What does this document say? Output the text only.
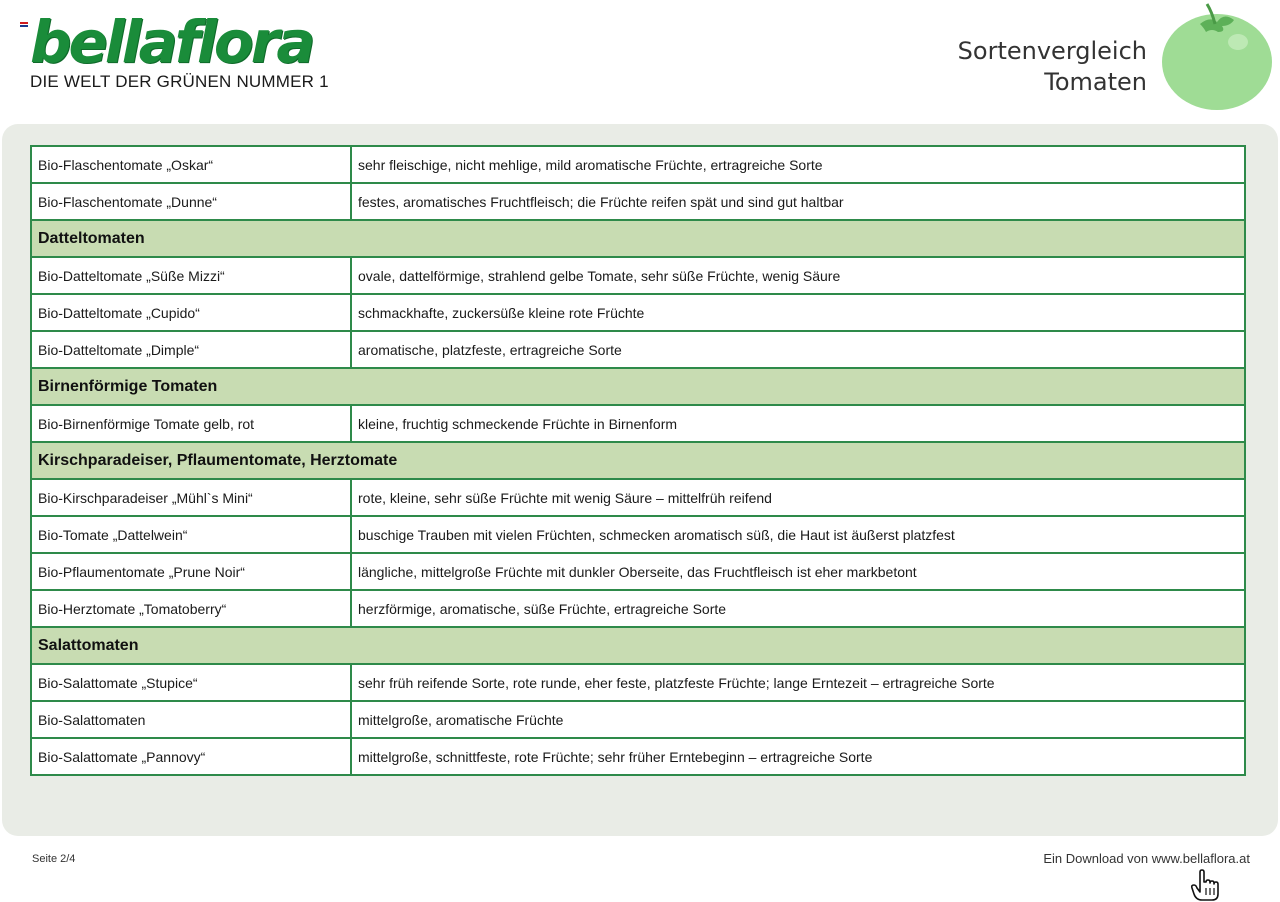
bellaflora
DIE WELT DER GRÜNEN NUMMER 1
Sortenvergleich
Tomaten
Bio-Flaschentomate „Oskar“	sehr fleischige, nicht mehlige, mild aromatische Früchte, ertragreiche Sorte
Bio-Flaschentomate „Dunne“	festes, aromatisches Fruchtfleisch; die Früchte reifen spät und sind gut haltbar
Datteltomaten	
Bio-Datteltomate „Süße Mizzi“	ovale, dattelförmige, strahlend gelbe Tomate, sehr süße Früchte, wenig Säure
Bio-Datteltomate „Cupido“	schmackhafte, zuckersüße kleine rote Früchte
Bio-Datteltomate „Dimple“	aromatische, platzfeste, ertragreiche Sorte
Birnenförmige Tomaten	
Bio-Birnenförmige Tomate gelb, rot	kleine, fruchtig schmeckende Früchte in Birnenform
Kirschparadeiser, Pflaumentomate, Herztomate	
Bio-Kirschparadeiser „Mühl`s Mini“	rote, kleine, sehr süße Früchte mit wenig Säure – mittelfrüh reifend
Bio-Tomate „Dattelwein“	buschige Trauben mit vielen Früchten, schmecken aromatisch süß, die Haut ist äußerst platzfest
Bio-Pflaumentomate „Prune Noir“	längliche, mittelgroße Früchte mit dunkler Oberseite, das Fruchtfleisch ist eher markbetont
Bio-Herztomate „Tomatoberry“	herzförmige, aromatische, süße Früchte, ertragreiche Sorte
Salattomaten	
Bio-Salattomate „Stupice“	sehr früh reifende Sorte, rote runde, eher feste, platzfeste Früchte; lange Erntezeit – ertragreiche Sorte
Bio-Salattomaten	mittelgroße, aromatische Früchte
Bio-Salattomate „Pannovy“	mittelgroße, schnittfeste, rote Früchte; sehr früher Erntebeginn – ertragreiche Sorte
Seite 2/4	Ein Download von www.bellaflora.at
